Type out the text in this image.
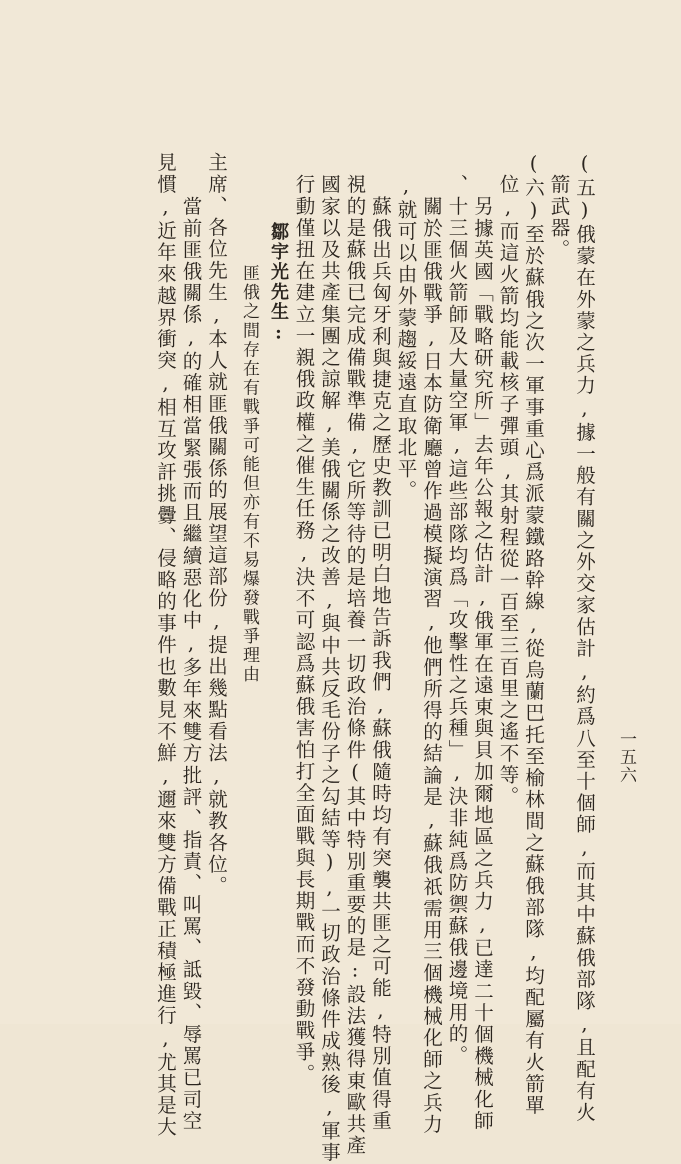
一五六
(五)俄蒙在外蒙之兵力,據一般有關之外交家估計,約爲八至十個師,而其中蘇俄部隊,且配有火
箭武器。
(六)至於蘇俄之次一軍事重心爲派蒙鐵路幹線,從烏蘭巴托至榆林間之蘇俄部隊,均配屬有火箭單
位,而這火箭均能載核子彈頭,其射程從一百至三百里之遙不等。
另據英國「戰略研究所」去年公報之估計,俄軍在遠東與貝加爾地區之兵力,已達二十個機械化師
、十三個火箭師及大量空軍,這些部隊均爲「攻擊性之兵種」,決非純爲防禦蘇俄邊境用的。
關於匪俄戰爭,日本防衛廳曾作過模擬演習,他們所得的結論是,蘇俄祇需用三個機械化師之兵力
,就可以由外蒙趨綏遠直取北平。
蘇俄出兵匈牙利與捷克之歷史教訓已明白地告訴我們,蘇俄隨時均有突襲共匪之可能,特別值得重
視的是蘇俄已完成備戰準備,它所等待的是培養一切政治條件(其中特別重要的是:設法獲得東歐共產
國家以及共產集團之諒解,美俄關係之改善,與中共反毛份子之勾結等),一切政治條件成熟後,軍事
行動僅扭在建立一親俄政權之催生任務,決不可認爲蘇俄害怕打全面戰與長期戰而不發動戰爭。
鄒宇光先生:
匪俄之間存在有戰爭可能但亦有不易爆發戰爭理由
主席、各位先生,本人就匪俄關係的展望這部份,提出幾點看法,就教各位。
當前匪俄關係,的確相當緊張而且繼續惡化中,多年來雙方批評、指責、叫罵、詆毀、辱罵已司空
見慣,近年來越界衝突,相互攻訐挑釁、侵略的事件也數見不鮮,邇來雙方備戰正積極進行,尤其是大
